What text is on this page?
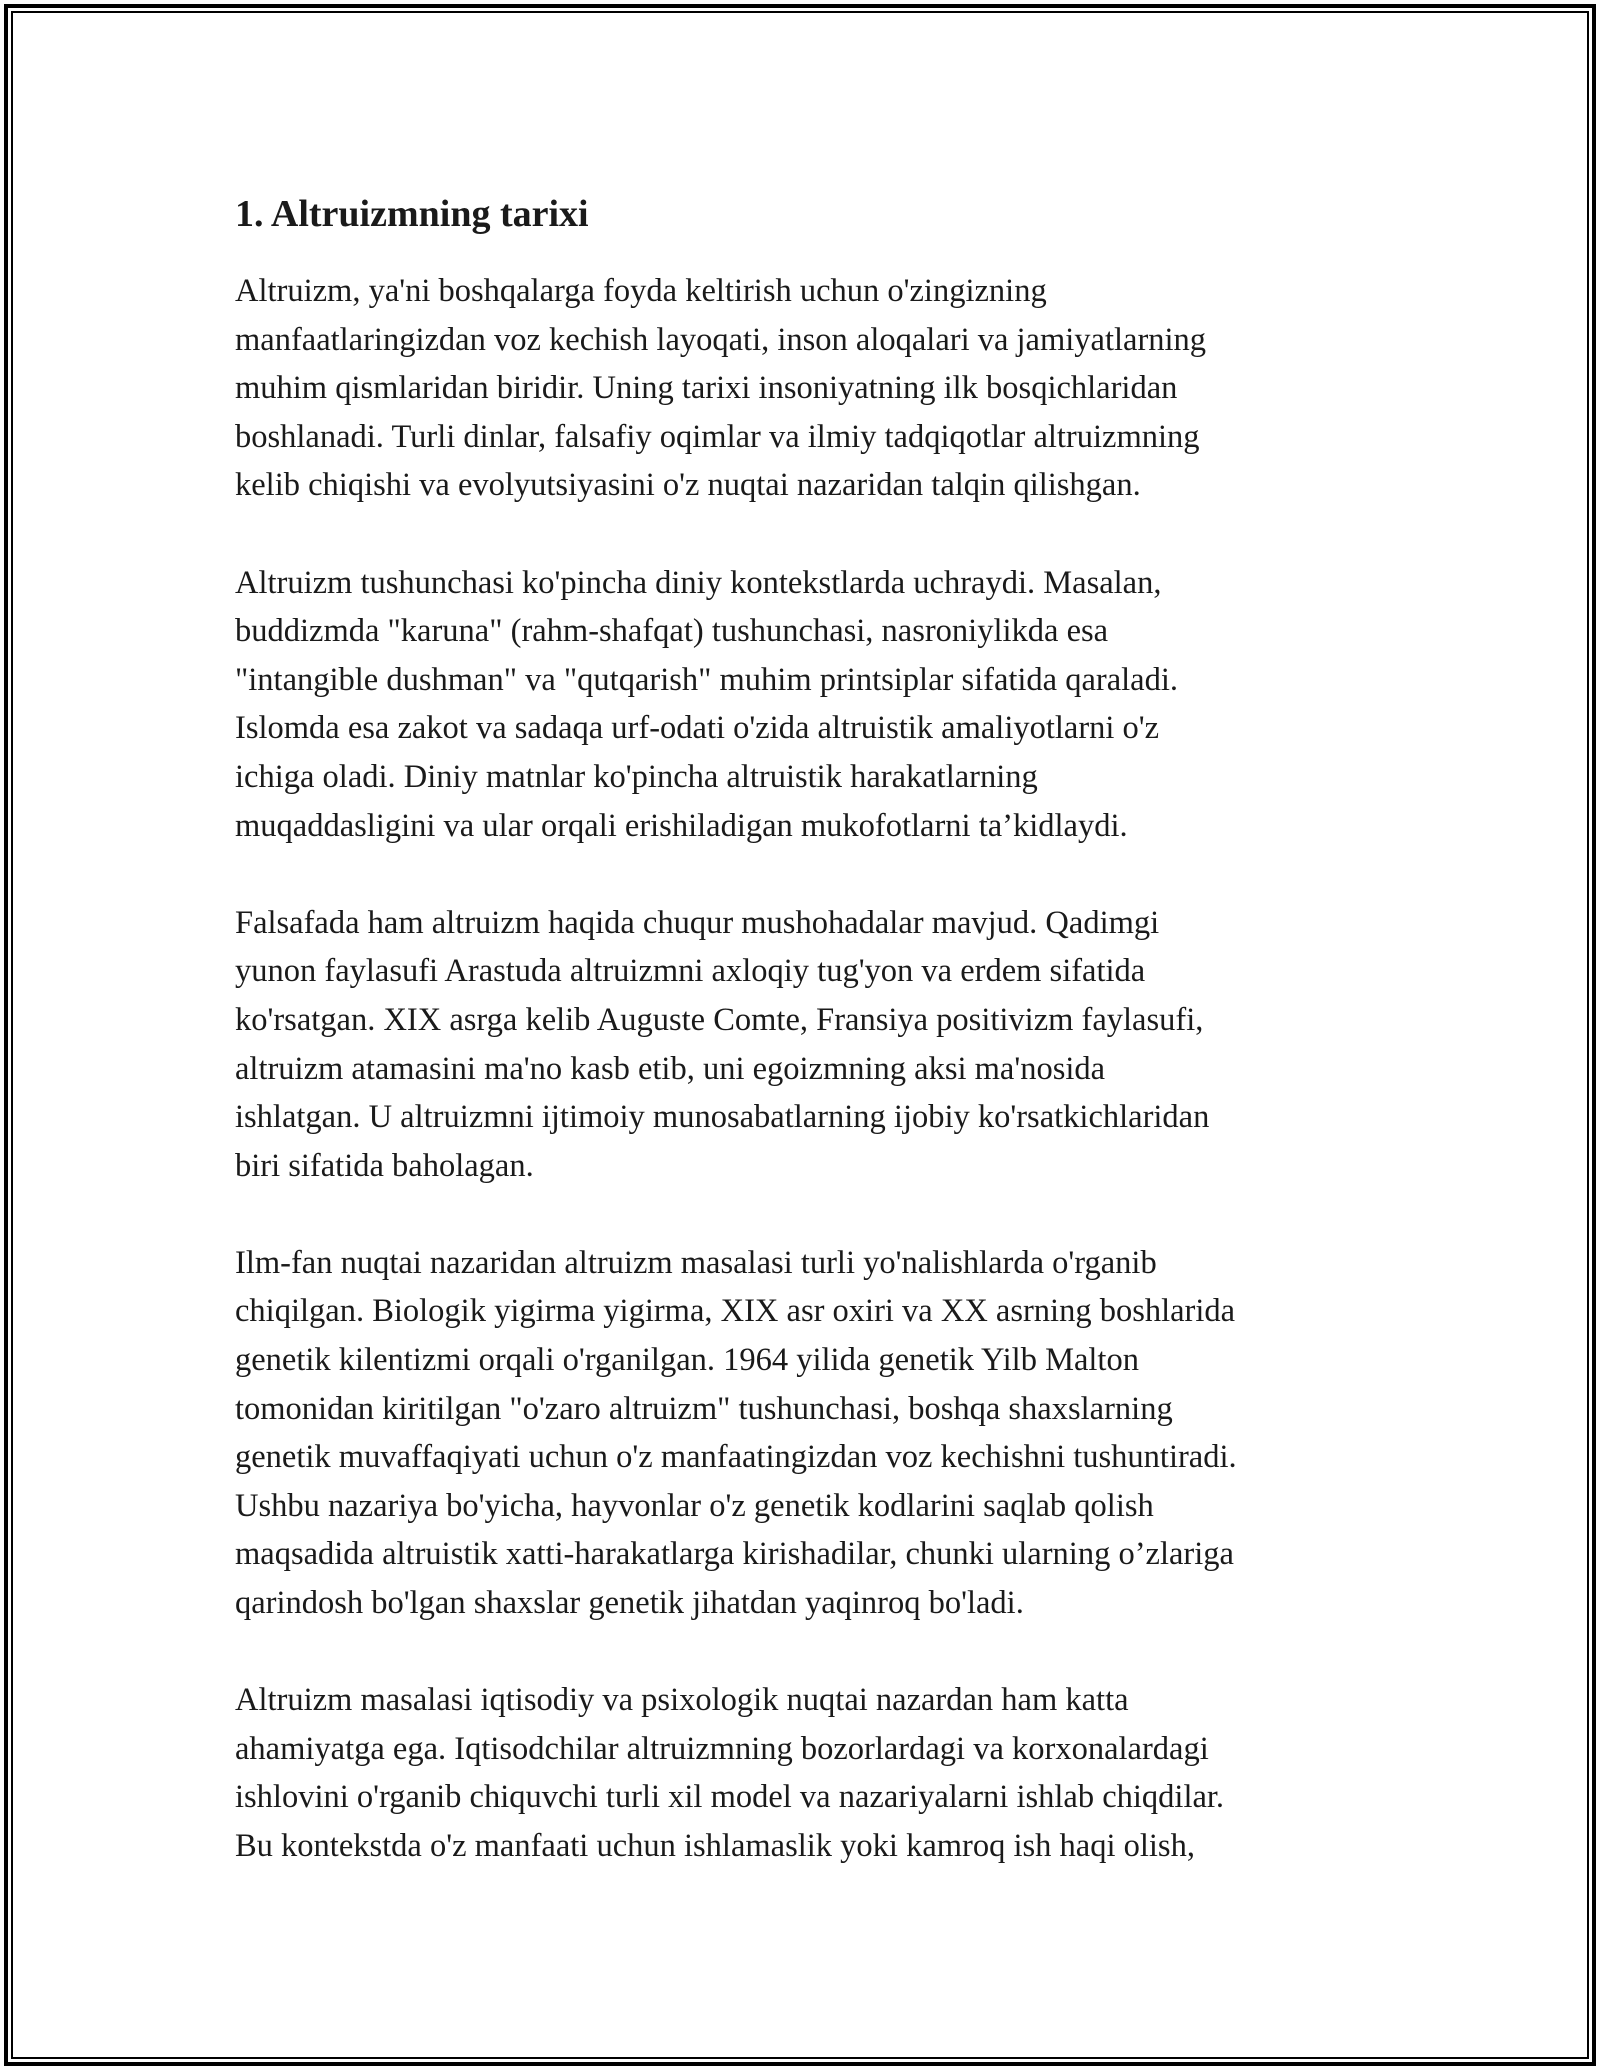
1. Altruizmning tarixi

Altruizm, ya'ni boshqalarga foyda keltirish uchun o'zingizning
manfaatlaringizdan voz kechish layoqati, inson aloqalari va jamiyatlarning
muhim qismlaridan biridir. Uning tarixi insoniyatning ilk bosqichlaridan
boshlanadi. Turli dinlar, falsafiy oqimlar va ilmiy tadqiqotlar altruizmning
kelib chiqishi va evolyutsiyasini o'z nuqtai nazaridan talqin qilishgan.

Altruizm tushunchasi ko'pincha diniy kontekstlarda uchraydi. Masalan,
buddizmda "karuna" (rahm-shafqat) tushunchasi, nasroniylikda esa
"intangible dushman" va "qutqarish" muhim printsiplar sifatida qaraladi.
Islomda esa zakot va sadaqa urf-odati o'zida altruistik amaliyotlarni o'z
ichiga oladi. Diniy matnlar ko'pincha altruistik harakatlarning
muqaddasligini va ular orqali erishiladigan mukofotlarni ta’kidlaydi.

Falsafada ham altruizm haqida chuqur mushohadalar mavjud. Qadimgi
yunon faylasufi Arastuda altruizmni axloqiy tug'yon va erdem sifatida
ko'rsatgan. XIX asrga kelib Auguste Comte, Fransiya positivizm faylasufi,
altruizm atamasini ma'no kasb etib, uni egoizmning aksi ma'nosida
ishlatgan. U altruizmni ijtimoiy munosabatlarning ijobiy ko'rsatkichlaridan
biri sifatida baholagan.

Ilm-fan nuqtai nazaridan altruizm masalasi turli yo'nalishlarda o'rganib
chiqilgan. Biologik yigirma yigirma, XIX asr oxiri va XX asrning boshlarida
genetik kilentizmi orqali o'rganilgan. 1964 yilida genetik Yilb Malton
tomonidan kiritilgan "o'zaro altruizm" tushunchasi, boshqa shaxslarning
genetik muvaffaqiyati uchun o'z manfaatingizdan voz kechishni tushuntiradi.
Ushbu nazariya bo'yicha, hayvonlar o'z genetik kodlarini saqlab qolish
maqsadida altruistik xatti-harakatlarga kirishadilar, chunki ularning o’zlariga
qarindosh bo'lgan shaxslar genetik jihatdan yaqinroq bo'ladi.

Altruizm masalasi iqtisodiy va psixologik nuqtai nazardan ham katta
ahamiyatga ega. Iqtisodchilar altruizmning bozorlardagi va korxonalardagi
ishlovini o'rganib chiquvchi turli xil model va nazariyalarni ishlab chiqdilar.
Bu kontekstda o'z manfaati uchun ishlamaslik yoki kamroq ish haqi olish,
